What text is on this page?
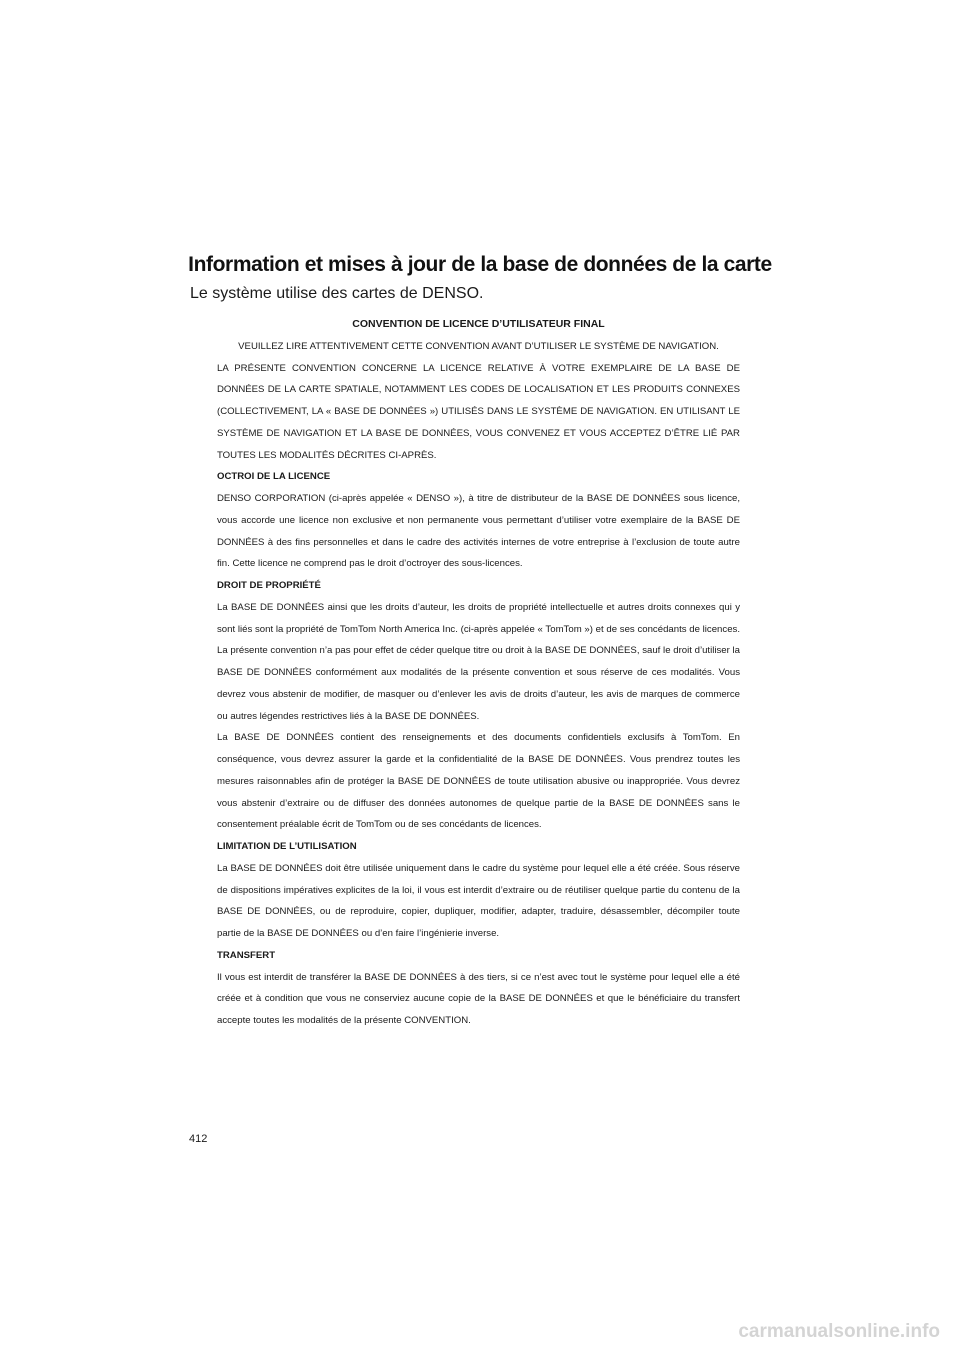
Information et mises à jour de la base de données de la carte
Le système utilise des cartes de DENSO.

CONVENTION DE LICENCE D’UTILISATEUR FINAL

VEUILLEZ LIRE ATTENTIVEMENT CETTE CONVENTION AVANT D’UTILISER LE SYSTÈME DE NAVIGATION.

LA PRÉSENTE CONVENTION CONCERNE LA LICENCE RELATIVE À VOTRE EXEMPLAIRE DE LA BASE DE DONNÉES DE LA CARTE SPATIALE, NOTAMMENT LES CODES DE LOCALISATION ET LES PRODUITS CONNEXES (COLLECTIVEMENT, LA « BASE DE DONNÉES ») UTILISÉS DANS LE SYSTÈME DE NAVIGATION. EN UTILISANT LE SYSTÈME DE NAVIGATION ET LA BASE DE DONNÉES, VOUS CONVENEZ ET VOUS ACCEPTEZ D’ÊTRE LIÉ PAR TOUTES LES MODALITÉS DÉCRITES CI-APRÈS.

OCTROI DE LA LICENCE

DENSO CORPORATION (ci-après appelée « DENSO »), à titre de distributeur de la BASE DE DONNÉES sous licence, vous accorde une licence non exclusive et non permanente vous permettant d’utiliser votre exemplaire de la BASE DE DONNÉES à des fins personnelles et dans le cadre des activités internes de votre entreprise à l’exclusion de toute autre fin. Cette licence ne comprend pas le droit d’octroyer des sous-licences.

DROIT DE PROPRIÉTÉ

La BASE DE DONNÉES ainsi que les droits d’auteur, les droits de propriété intellectuelle et autres droits connexes qui y sont liés sont la propriété de TomTom North America Inc. (ci-après appelée « TomTom ») et de ses concédants de licences. La présente convention n’a pas pour effet de céder quelque titre ou droit à la BASE DE DONNÉES, sauf le droit d’utiliser la BASE DE DONNÉES conformément aux modalités de la présente convention et sous réserve de ces modalités. Vous devrez vous abstenir de modifier, de masquer ou d’enlever les avis de droits d’auteur, les avis de marques de commerce ou autres légendes restrictives liés à la BASE DE DONNÉES.

La BASE DE DONNÉES contient des renseignements et des documents confidentiels exclusifs à TomTom. En conséquence, vous devrez assurer la garde et la confidentialité de la BASE DE DONNÉES. Vous prendrez toutes les mesures raisonnables afin de protéger la BASE DE DONNÉES de toute utilisation abusive ou inappropriée. Vous devrez vous abstenir d’extraire ou de diffuser des données autonomes de quelque partie de la BASE DE DONNÉES sans le consentement préalable écrit de TomTom ou de ses concédants de licences.

LIMITATION DE L’UTILISATION

La BASE DE DONNÉES doit être utilisée uniquement dans le cadre du système pour lequel elle a été créée. Sous réserve de dispositions impératives explicites de la loi, il vous est interdit d’extraire ou de réutiliser quelque partie du contenu de la BASE DE DONNÉES, ou de reproduire, copier, dupliquer, modifier, adapter, traduire, désassembler, décompiler toute partie de la BASE DE DONNÉES ou d’en faire l’ingénierie inverse.

TRANSFERT

Il vous est interdit de transférer la BASE DE DONNÉES à des tiers, si ce n’est avec tout le système pour lequel elle a été créée et à condition que vous ne conserviez aucune copie de la BASE DE DONNÉES et que le bénéficiaire du transfert accepte toutes les modalités de la présente CONVENTION.

412
carmanualsonline.info
